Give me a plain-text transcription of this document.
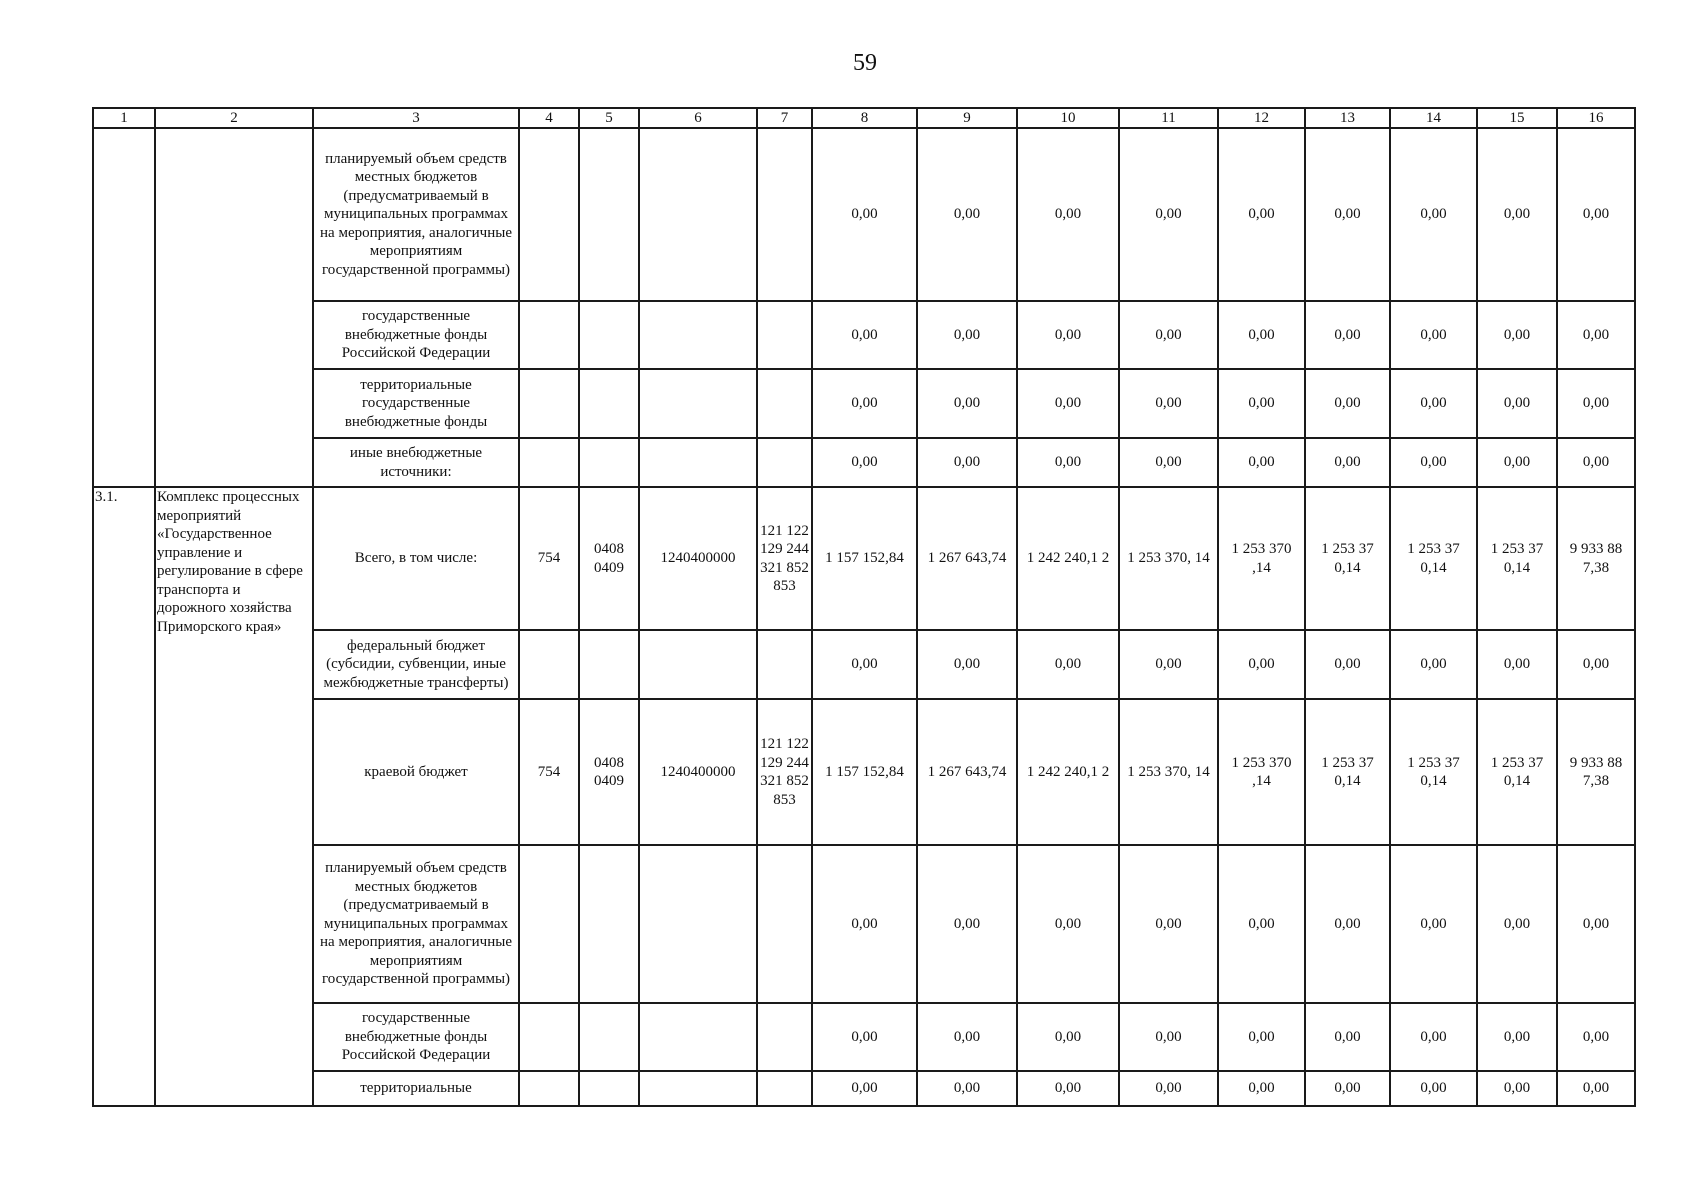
59
1	2	3	4	5	6	7	8	9	10	11	12	13	14	15	16
		планируемый объем средств местных бюджетов (предусматриваемый в муниципальных программах на мероприятия, аналогичные мероприятиям государственной программы)					0,00	0,00	0,00	0,00	0,00	0,00	0,00	0,00	0,00
		государственные внебюджетные фонды Российской Федерации					0,00	0,00	0,00	0,00	0,00	0,00	0,00	0,00	0,00
		территориальные государственные внебюджетные фонды					0,00	0,00	0,00	0,00	0,00	0,00	0,00	0,00	0,00
		иные внебюджетные источники:					0,00	0,00	0,00	0,00	0,00	0,00	0,00	0,00	0,00
3.1.	Комплекс процессных мероприятий «Государственное управление и регулирование в сфере транспорта и дорожного хозяйства Приморского края»	Всего, в том числе:	754	0408 0409	1240400000	121 122 129 244 321 852 853	1 157 152,84	1 267 643,74	1 242 240,1 2	1 253 370, 14	1 253 370 ,14	1 253 37 0,14	1 253 37 0,14	1 253 37 0,14	9 933 88 7,38
		федеральный бюджет (субсидии, субвенции, иные межбюджетные трансферты)					0,00	0,00	0,00	0,00	0,00	0,00	0,00	0,00	0,00
		краевой бюджет	754	0408 0409	1240400000	121 122 129 244 321 852 853	1 157 152,84	1 267 643,74	1 242 240,1 2	1 253 370, 14	1 253 370 ,14	1 253 37 0,14	1 253 37 0,14	1 253 37 0,14	9 933 88 7,38
		планируемый объем средств местных бюджетов (предусматриваемый в муниципальных программах на мероприятия, аналогичные мероприятиям государственной программы)					0,00	0,00	0,00	0,00	0,00	0,00	0,00	0,00	0,00
		государственные внебюджетные фонды Российской Федерации					0,00	0,00	0,00	0,00	0,00	0,00	0,00	0,00	0,00
		территориальные					0,00	0,00	0,00	0,00	0,00	0,00	0,00	0,00	0,00
